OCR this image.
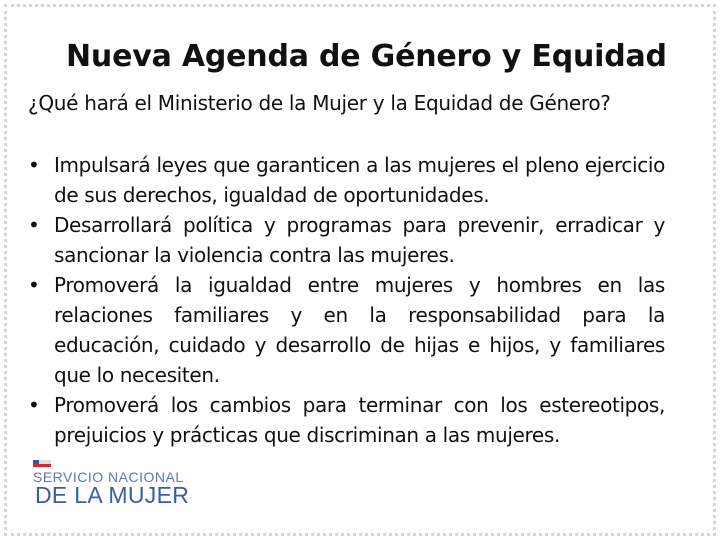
SERVICIO NACIONAL
DE LA MUJER
Nueva Agenda de Género y Equidad

¿Qué hará el Ministerio de la Mujer y la Equidad de Género?

• Impulsará leyes que garanticen a las mujeres el pleno ejercicio de sus derechos, igualdad de oportunidades.
• Desarrollará política y programas para prevenir, erradicar y sancionar la violencia contra las mujeres.
• Promoverá la igualdad entre mujeres y hombres en las relaciones familiares y en la responsabilidad para la educación, cuidado y desarrollo de hijas e hijos, y familiares que lo necesiten.
• Promoverá los cambios para terminar con los estereotipos, prejuicios y prácticas que discriminan a las mujeres.
